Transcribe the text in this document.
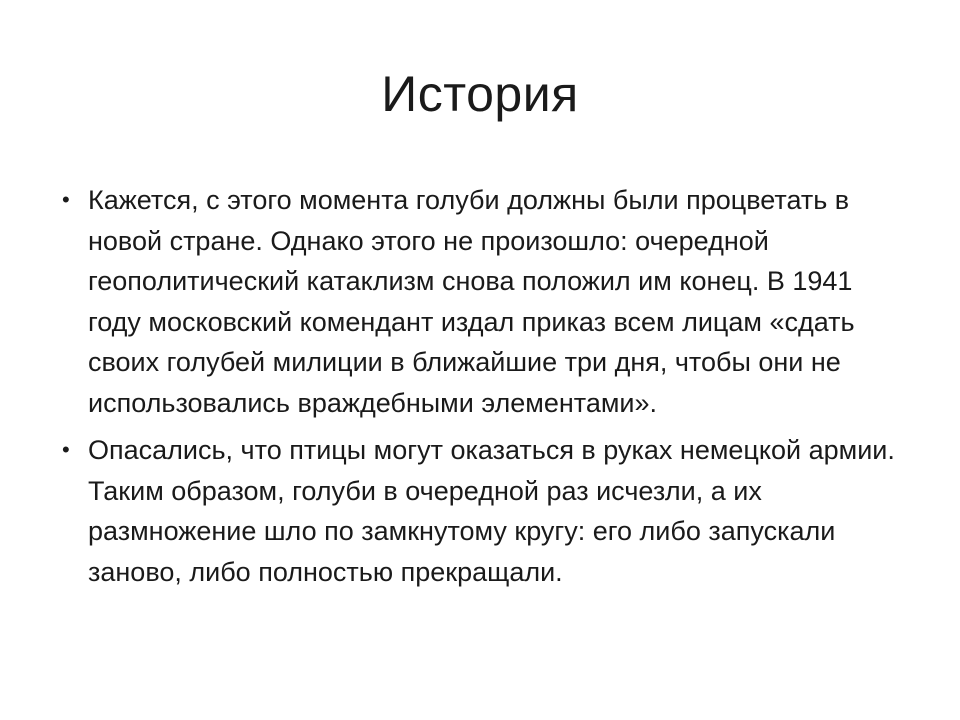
История
• Кажется, с этого момента голуби должны были процветать в новой стране. Однако этого не произошло: очередной геополитический катаклизм снова положил им конец. В 1941 году московский комендант издал приказ всем лицам «сдать своих голубей милиции в ближайшие три дня, чтобы они не использовались враждебными элементами».
• Опасались, что птицы могут оказаться в руках немецкой армии. Таким образом, голуби в очередной раз исчезли, а их размножение шло по замкнутому кругу: его либо запускали заново, либо полностью прекращали.
